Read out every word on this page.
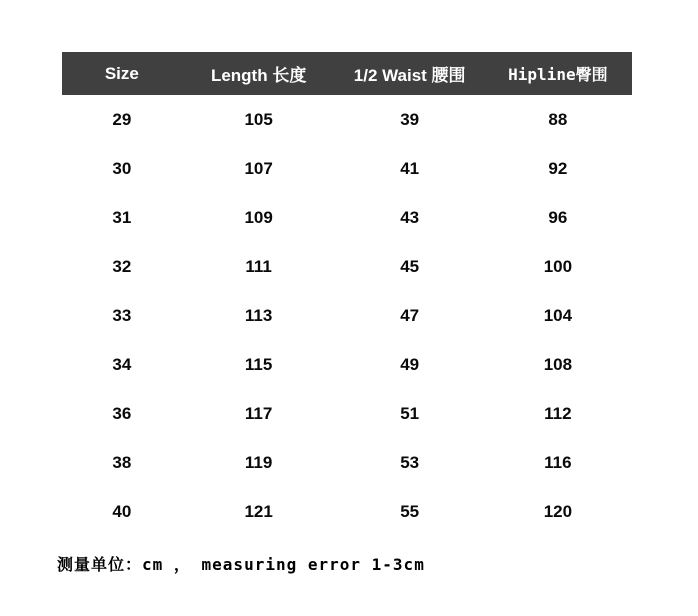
Size	Length 长度	1/2 Waist 腰围	Hipline臀围
29	105	39	88
30	107	41	92
31	109	43	96
32	111	45	100
33	113	47	104
34	115	49	108
36	117	51	112
38	119	53	116
40	121	55	120
测量单位：cm ， measuring error 1-3cm
